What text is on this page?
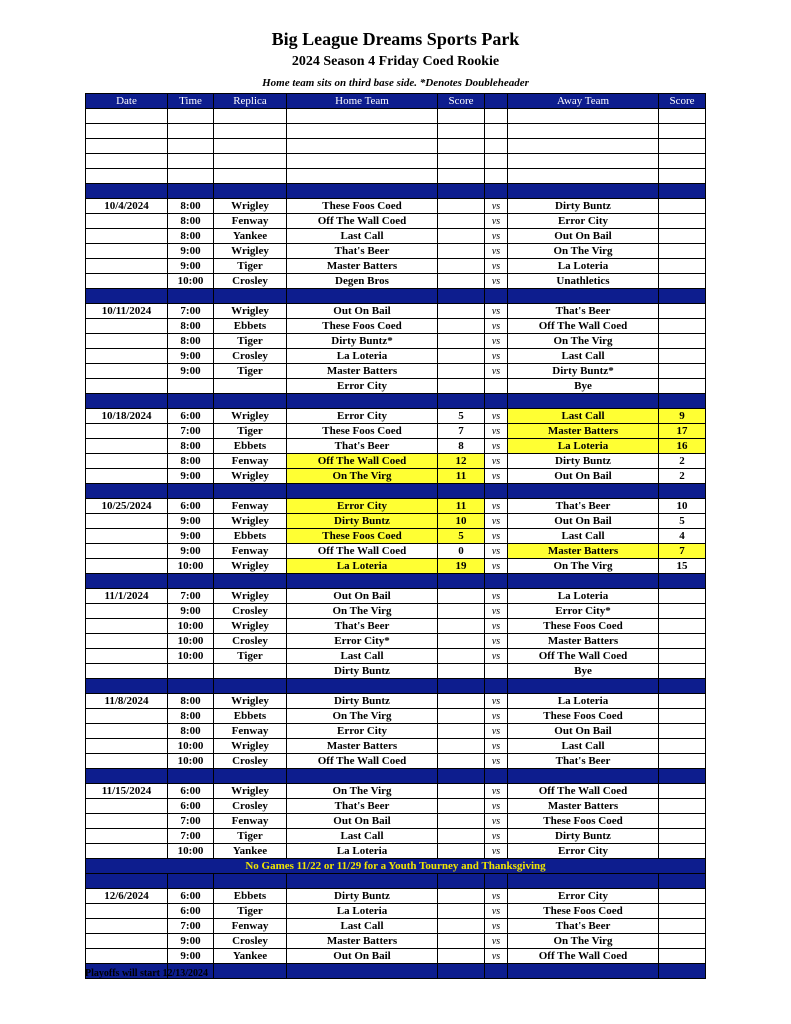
Big League Dreams Sports Park
2024 Season 4 Friday Coed Rookie
Home team sits on third base side. *Denotes Doubleheader
Date	Time	Replica	Home Team	Score		Away Team	Score

10/4/2024	8:00	Wrigley	These Foos Coed		vs	Dirty Buntz	
	8:00	Fenway	Off The Wall Coed		vs	Error City	
	8:00	Yankee	Last Call		vs	Out On Bail	
	9:00	Wrigley	That's Beer		vs	On The Virg	
	9:00	Tiger	Master Batters		vs	La Loteria	
	10:00	Crosley	Degen Bros		vs	Unathletics	

10/11/2024	7:00	Wrigley	Out On Bail		vs	That's Beer	
	8:00	Ebbets	These Foos Coed		vs	Off The Wall Coed	
	8:00	Tiger	Dirty Buntz*		vs	On The Virg	
	9:00	Crosley	La Loteria		vs	Last Call	
	9:00	Tiger	Master Batters		vs	Dirty Buntz*	
			Error City			Bye	

10/18/2024	6:00	Wrigley	Error City	5	vs	Last Call	9
	7:00	Tiger	These Foos Coed	7	vs	Master Batters	17
	8:00	Ebbets	That's Beer	8	vs	La Loteria	16
	8:00	Fenway	Off The Wall Coed	12	vs	Dirty Buntz	2
	9:00	Wrigley	On The Virg	11	vs	Out On Bail	2

10/25/2024	6:00	Fenway	Error City	11	vs	That's Beer	10
	9:00	Wrigley	Dirty Buntz	10	vs	Out On Bail	5
	9:00	Ebbets	These Foos Coed	5	vs	Last Call	4
	9:00	Fenway	Off The Wall Coed	0	vs	Master Batters	7
	10:00	Wrigley	La Loteria	19	vs	On The Virg	15

11/1/2024	7:00	Wrigley	Out On Bail		vs	La Loteria	
	9:00	Crosley	On The Virg		vs	Error City*	
	10:00	Wrigley	That's Beer		vs	These Foos Coed	
	10:00	Crosley	Error City*		vs	Master Batters	
	10:00	Tiger	Last Call		vs	Off The Wall Coed	
			Dirty Buntz			Bye	

11/8/2024	8:00	Wrigley	Dirty Buntz		vs	La Loteria	
	8:00	Ebbets	On The Virg		vs	These Foos Coed	
	8:00	Fenway	Error City		vs	Out On Bail	
	10:00	Wrigley	Master Batters		vs	Last Call	
	10:00	Crosley	Off The Wall Coed		vs	That's Beer	

11/15/2024	6:00	Wrigley	On The Virg		vs	Off The Wall Coed	
	6:00	Crosley	That's Beer		vs	Master Batters	
	7:00	Fenway	Out On Bail		vs	These Foos Coed	
	7:00	Tiger	Last Call		vs	Dirty Buntz	
	10:00	Yankee	La Loteria		vs	Error City	
No Games 11/22 or 11/29 for a Youth Tourney and Thanksgiving							

12/6/2024	6:00	Ebbets	Dirty Buntz		vs	Error City	
	6:00	Tiger	La Loteria		vs	These Foos Coed	
	7:00	Fenway	Last Call		vs	That's Beer	
	9:00	Crosley	Master Batters		vs	On The Virg	
	9:00	Yankee	Out On Bail		vs	Off The Wall Coed	

Playoffs will start 12/13/2024
